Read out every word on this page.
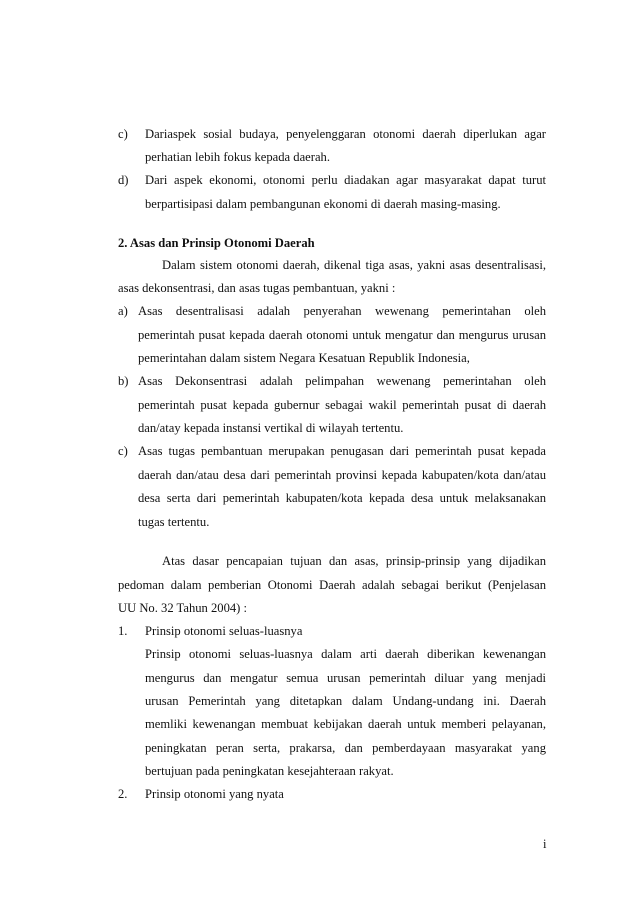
c) Dariaspek sosial budaya, penyelenggaran otonomi daerah diperlukan agar
perhatian lebih fokus kepada daerah.
d) Dari aspek ekonomi, otonomi perlu diadakan agar masyarakat dapat turut
berpartisipasi dalam pembangunan ekonomi di daerah masing-masing.
2. Asas dan Prinsip Otonomi Daerah
Dalam sistem otonomi daerah, dikenal tiga asas, yakni asas desentralisasi,
asas dekonsentrasi, dan asas tugas pembantuan, yakni :
a) Asas desentralisasi adalah penyerahan wewenang pemerintahan oleh
pemerintah pusat kepada daerah otonomi untuk mengatur dan mengurus urusan
pemerintahan dalam sistem Negara Kesatuan Republik Indonesia,
b) Asas Dekonsentrasi adalah pelimpahan wewenang pemerintahan oleh
pemerintah pusat kepada gubernur sebagai wakil pemerintah pusat di daerah
dan/atay kepada instansi vertikal di wilayah tertentu.
c) Asas tugas pembantuan merupakan penugasan dari pemerintah pusat kepada
daerah dan/atau desa dari pemerintah provinsi kepada kabupaten/kota dan/atau
desa serta dari pemerintah kabupaten/kota kepada desa untuk melaksanakan
tugas tertentu.
Atas dasar pencapaian tujuan dan asas, prinsip-prinsip yang dijadikan
pedoman dalam pemberian Otonomi Daerah adalah sebagai berikut (Penjelasan
UU No. 32 Tahun 2004) :
1. Prinsip otonomi seluas-luasnya
Prinsip otonomi seluas-luasnya dalam arti daerah diberikan kewenangan
mengurus dan mengatur semua urusan pemerintah diluar yang menjadi
urusan Pemerintah yang ditetapkan dalam Undang-undang ini. Daerah
memliki kewenangan membuat kebijakan daerah untuk memberi pelayanan,
peningkatan peran serta, prakarsa, dan pemberdayaan masyarakat yang
bertujuan pada peningkatan kesejahteraan rakyat.
2. Prinsip otonomi yang nyata
i
